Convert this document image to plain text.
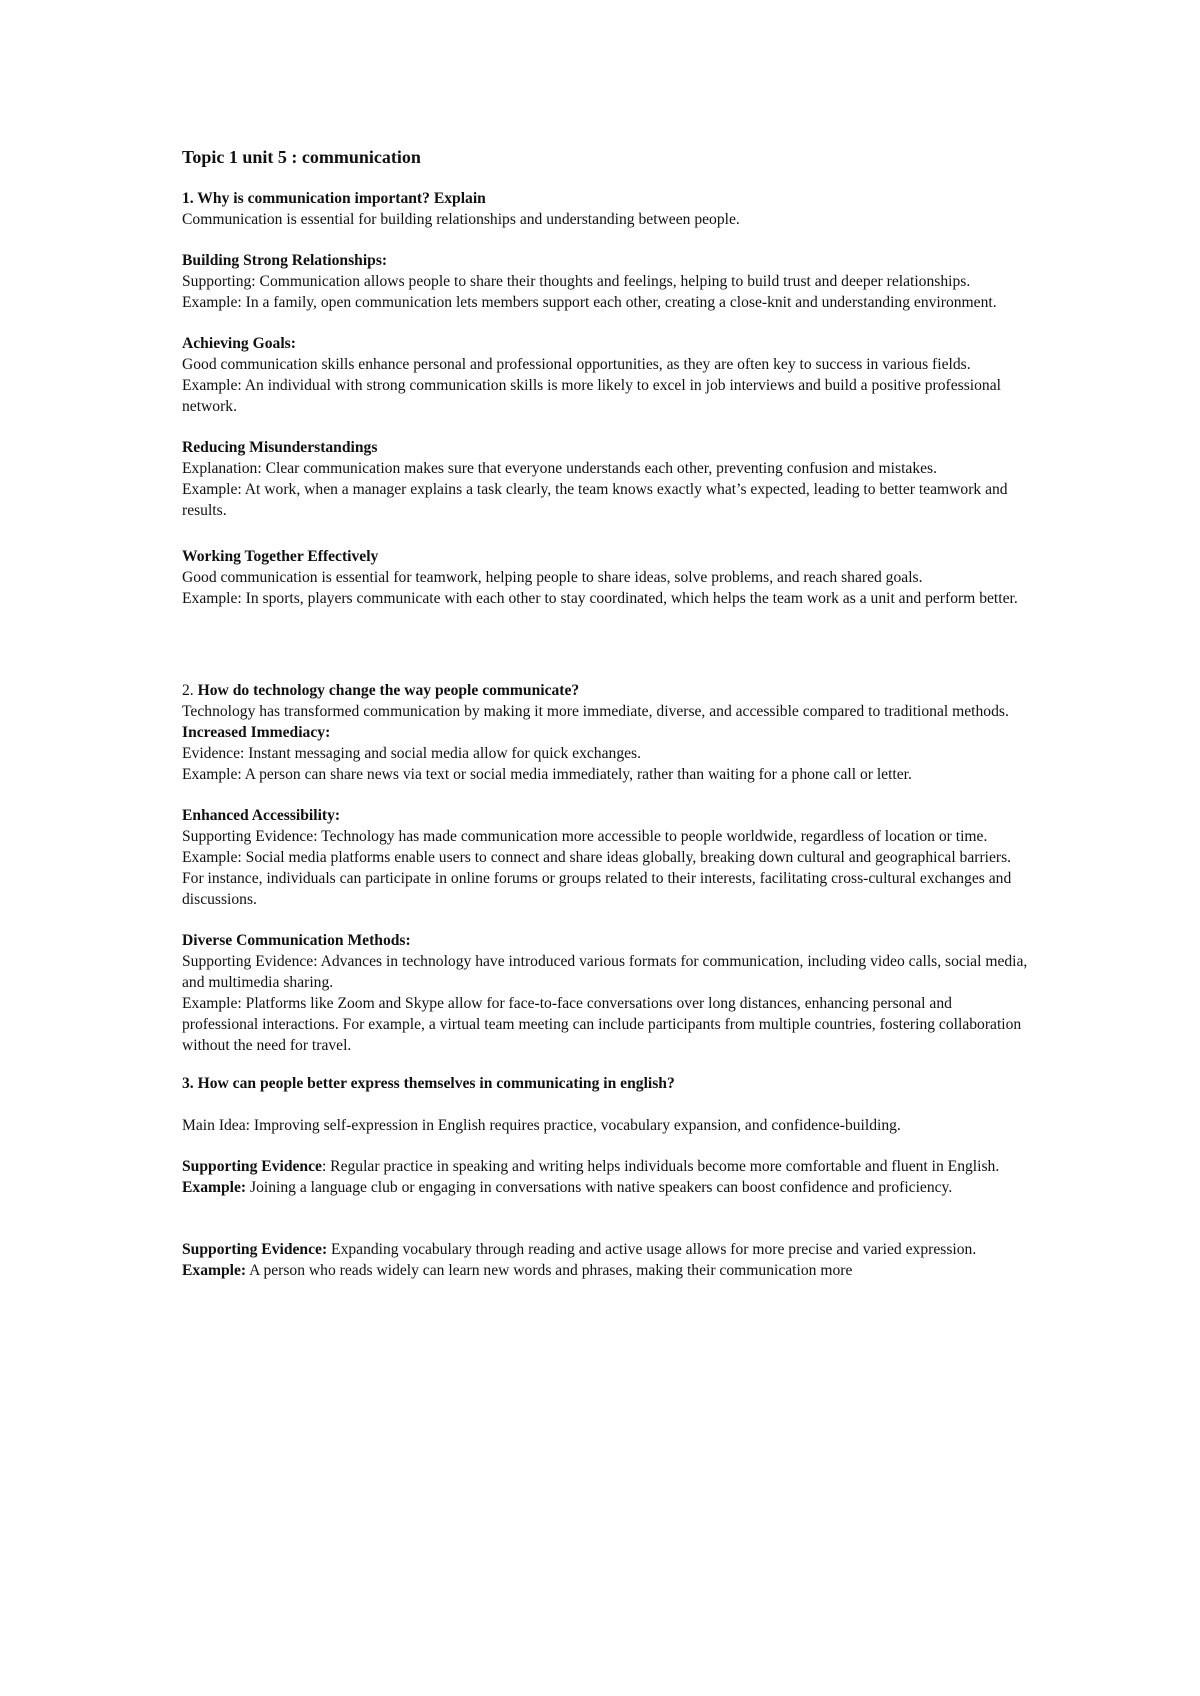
Topic 1 unit 5 : communication

1. Why is communication important? Explain

Communication is essential for building relationships and understanding between people.

Building Strong Relationships:

Supporting: Communication allows people to share their thoughts and feelings, helping to build trust and deeper relationships.

Example: In a family, open communication lets members support each other, creating a close-knit and understanding environment.

Achieving Goals:

Good communication skills enhance personal and professional opportunities, as they are often key to success in various fields.

Example: An individual with strong communication skills is more likely to excel in job interviews and build a positive professional network.

Reducing Misunderstandings

Explanation: Clear communication makes sure that everyone understands each other, preventing confusion and mistakes.

Example: At work, when a manager explains a task clearly, the team knows exactly what’s expected, leading to better teamwork and results.

Working Together Effectively

Good communication is essential for teamwork, helping people to share ideas, solve problems, and reach shared goals.

Example: In sports, players communicate with each other to stay coordinated, which helps the team work as a unit and perform better.

2. How do technology change the way people communicate?

Technology has transformed communication by making it more immediate, diverse, and accessible compared to traditional methods.

Increased Immediacy:

Evidence: Instant messaging and social media allow for quick exchanges.

Example: A person can share news via text or social media immediately, rather than waiting for a phone call or letter.

Enhanced Accessibility:

Supporting Evidence: Technology has made communication more accessible to people worldwide, regardless of location or time.

Example: Social media platforms enable users to connect and share ideas globally, breaking down cultural and geographical barriers. For instance, individuals can participate in online forums or groups related to their interests, facilitating cross-cultural exchanges and discussions.

Diverse Communication Methods:

Supporting Evidence: Advances in technology have introduced various formats for communication, including video calls, social media, and multimedia sharing.

Example: Platforms like Zoom and Skype allow for face-to-face conversations over long distances, enhancing personal and professional interactions. For example, a virtual team meeting can include participants from multiple countries, fostering collaboration without the need for travel.

3. How can people better express themselves in communicating in english?

Main Idea: Improving self-expression in English requires practice, vocabulary expansion, and confidence-building.

Supporting Evidence: Regular practice in speaking and writing helps individuals become more comfortable and fluent in English.

Example: Joining a language club or engaging in conversations with native speakers can boost confidence and proficiency.

Supporting Evidence: Expanding vocabulary through reading and active usage allows for more precise and varied expression.

Example: A person who reads widely can learn new words and phrases, making their communication more
